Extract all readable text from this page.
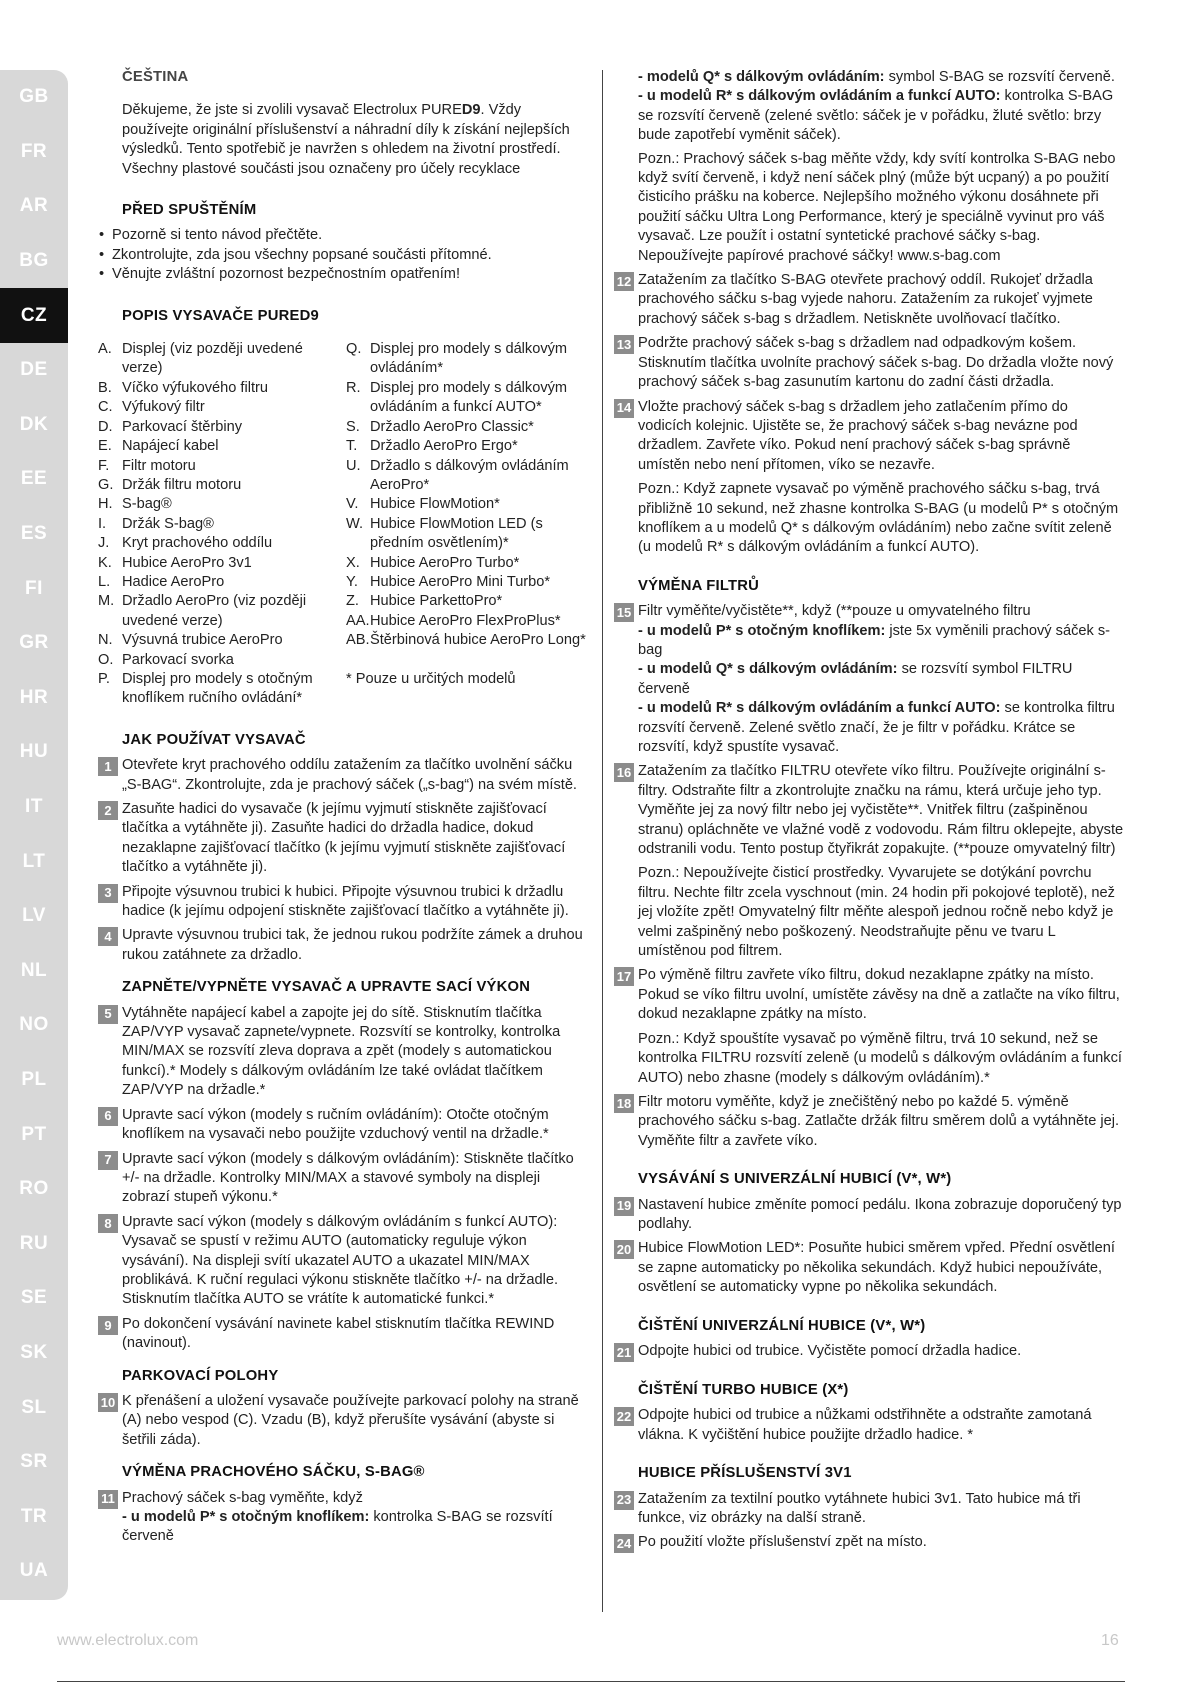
GB
FR
AR
BG
CZ
DE
DK
EE
ES
FI
GR
HR
HU
IT
LT
LV
NL
NO
PL
PT
RO
RU
SE
SK
SL
SR
TR
UA
ČEŠTINA

Děkujeme, že jste si zvolili vysavač Electrolux PURED9. Vždy používejte originální příslušenství a náhradní díly k získání nejlepších výsledků. Tento spotřebič je navržen s ohledem na životní prostředí. Všechny plastové součásti jsou označeny pro účely recyklace

PŘED SPUŠTĚNÍM
• Pozorně si tento návod přečtěte.
• Zkontrolujte, zda jsou všechny popsané součásti přítomné.
• Věnujte zvláštní pozornost bezpečnostním opatřením!
POPIS VYSAVAČE PURED9
A. Displej (viz později uvedené verze)
B. Víčko výfukového filtru
C. Výfukový filtr
D. Parkovací štěrbiny
E. Napájecí kabel
F. Filtr motoru
G. Držák filtru motoru
H. S-bag®
I.	Držák S-bag®
J. Kryt prachového oddílu
K. Hubice AeroPro 3v1
L. Hadice AeroPro
M. Držadlo AeroPro (viz později uvedené verze)
N. Výsuvná trubice AeroPro
O. Parkovací svorka
P. Displej pro modely s otočným knoflíkem ručního ovládání*
Q. Displej pro modely s dálkovým ovládáním*
R. Displej pro modely s dálkovým ovládáním a funkcí AUTO*
S. Držadlo AeroPro Classic*
T. Držadlo AeroPro Ergo*
U. Držadlo s dálkovým ovládáním AeroPro*
V. Hubice FlowMotion*
W. Hubice FlowMotion LED (s předním osvětlením)*
X. Hubice AeroPro Turbo*
Y. Hubice AeroPro Mini Turbo*
Z. Hubice ParkettoPro*
AA. Hubice AeroPro FlexProPlus*
AB. Štěrbinová hubice AeroPro Long*
* Pouze u určitých modelů
JAK POUŽÍVAT VYSAVAČ
1 Otevřete kryt prachového oddílu zatažením za tlačítko uvolnění sáčku „S-BAG“. Zkontrolujte, zda je prachový sáček („s-bag“) na svém místě.
2 Zasuňte hadici do vysavače (k jejímu vyjmutí stiskněte zajišťovací tlačítka a vytáhněte ji). Zasuňte hadici do držadla hadice, dokud nezaklapne zajišťovací tlačítko (k jejímu vyjmutí stiskněte zajišťovací tlačítko a vytáhněte ji).
3 Připojte výsuvnou trubici k hubici. Připojte výsuvnou trubici k držadlu hadice (k jejímu odpojení stiskněte zajišťovací tlačítko a vytáhněte ji).
4 Upravte výsuvnou trubici tak, že jednou rukou podržíte zámek a druhou rukou zatáhnete za držadlo.
ZAPNĚTE/VYPNĚTE VYSAVAČ A UPRAVTE SACÍ VÝKON
5 Vytáhněte napájecí kabel a zapojte jej do sítě. Stisknutím tlačítka ZAP/VYP vysavač zapnete/vypnete. Rozsvítí se kontrolky, kontrolka MIN/MAX se rozsvítí zleva doprava a zpět (modely s automatickou funkcí).* Modely s dálkovým ovládáním lze také ovládat tlačítkem ZAP/VYP na držadle.*
6 Upravte sací výkon (modely s ručním ovládáním): Otočte otočným knoflíkem na vysavači nebo použijte vzduchový ventil na držadle.*
7 Upravte sací výkon (modely s dálkovým ovládáním): Stiskněte tlačítko +/- na držadle. Kontrolky MIN/MAX a stavové symboly na displeji zobrazí stupeň výkonu.*
8 Upravte sací výkon (modely s dálkovým ovládáním s funkcí AUTO): Vysavač se spustí v režimu AUTO (automaticky reguluje výkon vysávání). Na displeji svítí ukazatel AUTO a ukazatel MIN/MAX problikává. K ruční regulaci výkonu stiskněte tlačítko +/- na držadle. Stisknutím tlačítka AUTO se vrátíte k automatické funkci.*
9 Po dokončení vysávání navinete kabel stisknutím tlačítka REWIND (navinout).
PARKOVACÍ POLOHY
10 K přenášení a uložení vysavače používejte parkovací polohy na straně (A) nebo vespod (C). Vzadu (B), když přerušíte vysávání (abyste si šetřili záda).
VÝMĚNA PRACHOVÉHO SÁČKU, S-BAG®
11 Prachový sáček s-bag vyměňte, když
- u modelů P* s otočným knoflíkem: kontrolka S-BAG se rozsvítí červeně
- modelů Q* s dálkovým ovládáním: symbol S-BAG se rozsvítí červeně.
- u modelů R* s dálkovým ovládáním a funkcí AUTO: kontrolka S-BAG se rozsvítí červeně (zelené světlo: sáček je v pořádku, žluté světlo: brzy bude zapotřebí vyměnit sáček).
Pozn.: Prachový sáček s-bag měňte vždy, kdy svítí kontrolka S-BAG nebo když svítí červeně, i když není sáček plný (může být ucpaný) a po použití čisticího prášku na koberce. Nejlepšího možného výkonu dosáhnete při použití sáčku Ultra Long Performance, který je speciálně vyvinut pro váš vysavač. Lze použít i ostatní syntetické prachové sáčky s-bag. Nepoužívejte papírové prachové sáčky! www.s-bag.com
12 Zatažením za tlačítko S-BAG otevřete prachový oddíl. Rukojeť držadla prachového sáčku s-bag vyjede nahoru. Zatažením za rukojeť vyjmete prachový sáček s-bag s držadlem. Netiskněte uvolňovací tlačítko.
13 Podržte prachový sáček s-bag s držadlem nad odpadkovým košem. Stisknutím tlačítka uvolníte prachový sáček s-bag. Do držadla vložte nový prachový sáček s-bag zasunutím kartonu do zadní části držadla.
14 Vložte prachový sáček s-bag s držadlem jeho zatlačením přímo do vodicích kolejnic. Ujistěte se, že prachový sáček s-bag nevázne pod držadlem. Zavřete víko. Pokud není prachový sáček s-bag správně umístěn nebo není přítomen, víko se nezavře.
Pozn.: Když zapnete vysavač po výměně prachového sáčku s-bag, trvá přibližně 10 sekund, než zhasne kontrolka S-BAG (u modelů P* s otočným knoflíkem a u modelů Q* s dálkovým ovládáním) nebo začne svítit zeleně (u modelů R* s dálkovým ovládáním a funkcí AUTO).
VÝMĚNA FILTRŮ
15 Filtr vyměňte/vyčistěte**, když (**pouze u omyvatelného filtru
- u modelů P* s otočným knoflíkem: jste 5x vyměnili prachový sáček s-bag
- u modelů Q* s dálkovým ovládáním: se rozsvítí symbol FILTRU červeně
- u modelů R* s dálkovým ovládáním a funkcí AUTO: se kontrolka filtru rozsvítí červeně. Zelené světlo značí, že je filtr v pořádku. Krátce se rozsvítí, když spustíte vysavač.
16 Zatažením za tlačítko FILTRU otevřete víko filtru. Používejte originální s-filtry. Odstraňte filtr a zkontrolujte značku na rámu, která určuje jeho typ. Vyměňte jej za nový filtr nebo jej vyčistěte**. Vnitřek filtru (zašpiněnou stranu) opláchněte ve vlažné vodě z vodovodu. Rám filtru oklepejte, abyste odstranili vodu. Tento postup čtyřikrát zopakujte. (**pouze omyvatelný filtr)
Pozn.: Nepoužívejte čisticí prostředky. Vyvarujete se dotýkání povrchu filtru. Nechte filtr zcela vyschnout (min. 24 hodin při pokojové teplotě), než jej vložíte zpět! Omyvatelný filtr měňte alespoň jednou ročně nebo když je velmi zašpiněný nebo poškozený. Neodstraňujte pěnu ve tvaru L umístěnou pod filtrem.
17 Po výměně filtru zavřete víko filtru, dokud nezaklapne zpátky na místo. Pokud se víko filtru uvolní, umístěte závěsy na dně a zatlačte na víko filtru, dokud nezaklapne zpátky na místo.
Pozn.: Když spouštíte vysavač po výměně filtru, trvá 10 sekund, než se kontrolka FILTRU rozsvítí zeleně (u modelů s dálkovým ovládáním a funkcí AUTO) nebo zhasne (modely s dálkovým ovládáním).*
18 Filtr motoru vyměňte, když je znečištěný nebo po každé 5. výměně prachového sáčku s-bag. Zatlačte držák filtru směrem dolů a vytáhněte jej. Vyměňte filtr a zavřete víko.
VYSÁVÁNÍ S UNIVERZÁLNÍ HUBICÍ (V*, W*)
19 Nastavení hubice změníte pomocí pedálu. Ikona zobrazuje doporučený typ podlahy.
20 Hubice FlowMotion LED*: Posuňte hubici směrem vpřed. Přední osvětlení se zapne automaticky po několika sekundách. Když hubici nepoužíváte, osvětlení se automaticky vypne po několika sekundách.
ČIŠTĚNÍ UNIVERZÁLNÍ HUBICE (V*, W*)
21 Odpojte hubici od trubice. Vyčistěte pomocí držadla hadice.
ČIŠTĚNÍ TURBO HUBICE (X*)
22 Odpojte hubici od trubice a nůžkami odstřihněte a odstraňte zamotaná vlákna. K vyčištění hubice použijte držadlo hadice. *
HUBICE PŘÍSLUŠENSTVÍ 3V1
23 Zatažením za textilní poutko vytáhnete hubici 3v1. Tato hubice má tři funkce, viz obrázky na další straně.
24 Po použití vložte příslušenství zpět na místo.
www.electrolux.com	16
